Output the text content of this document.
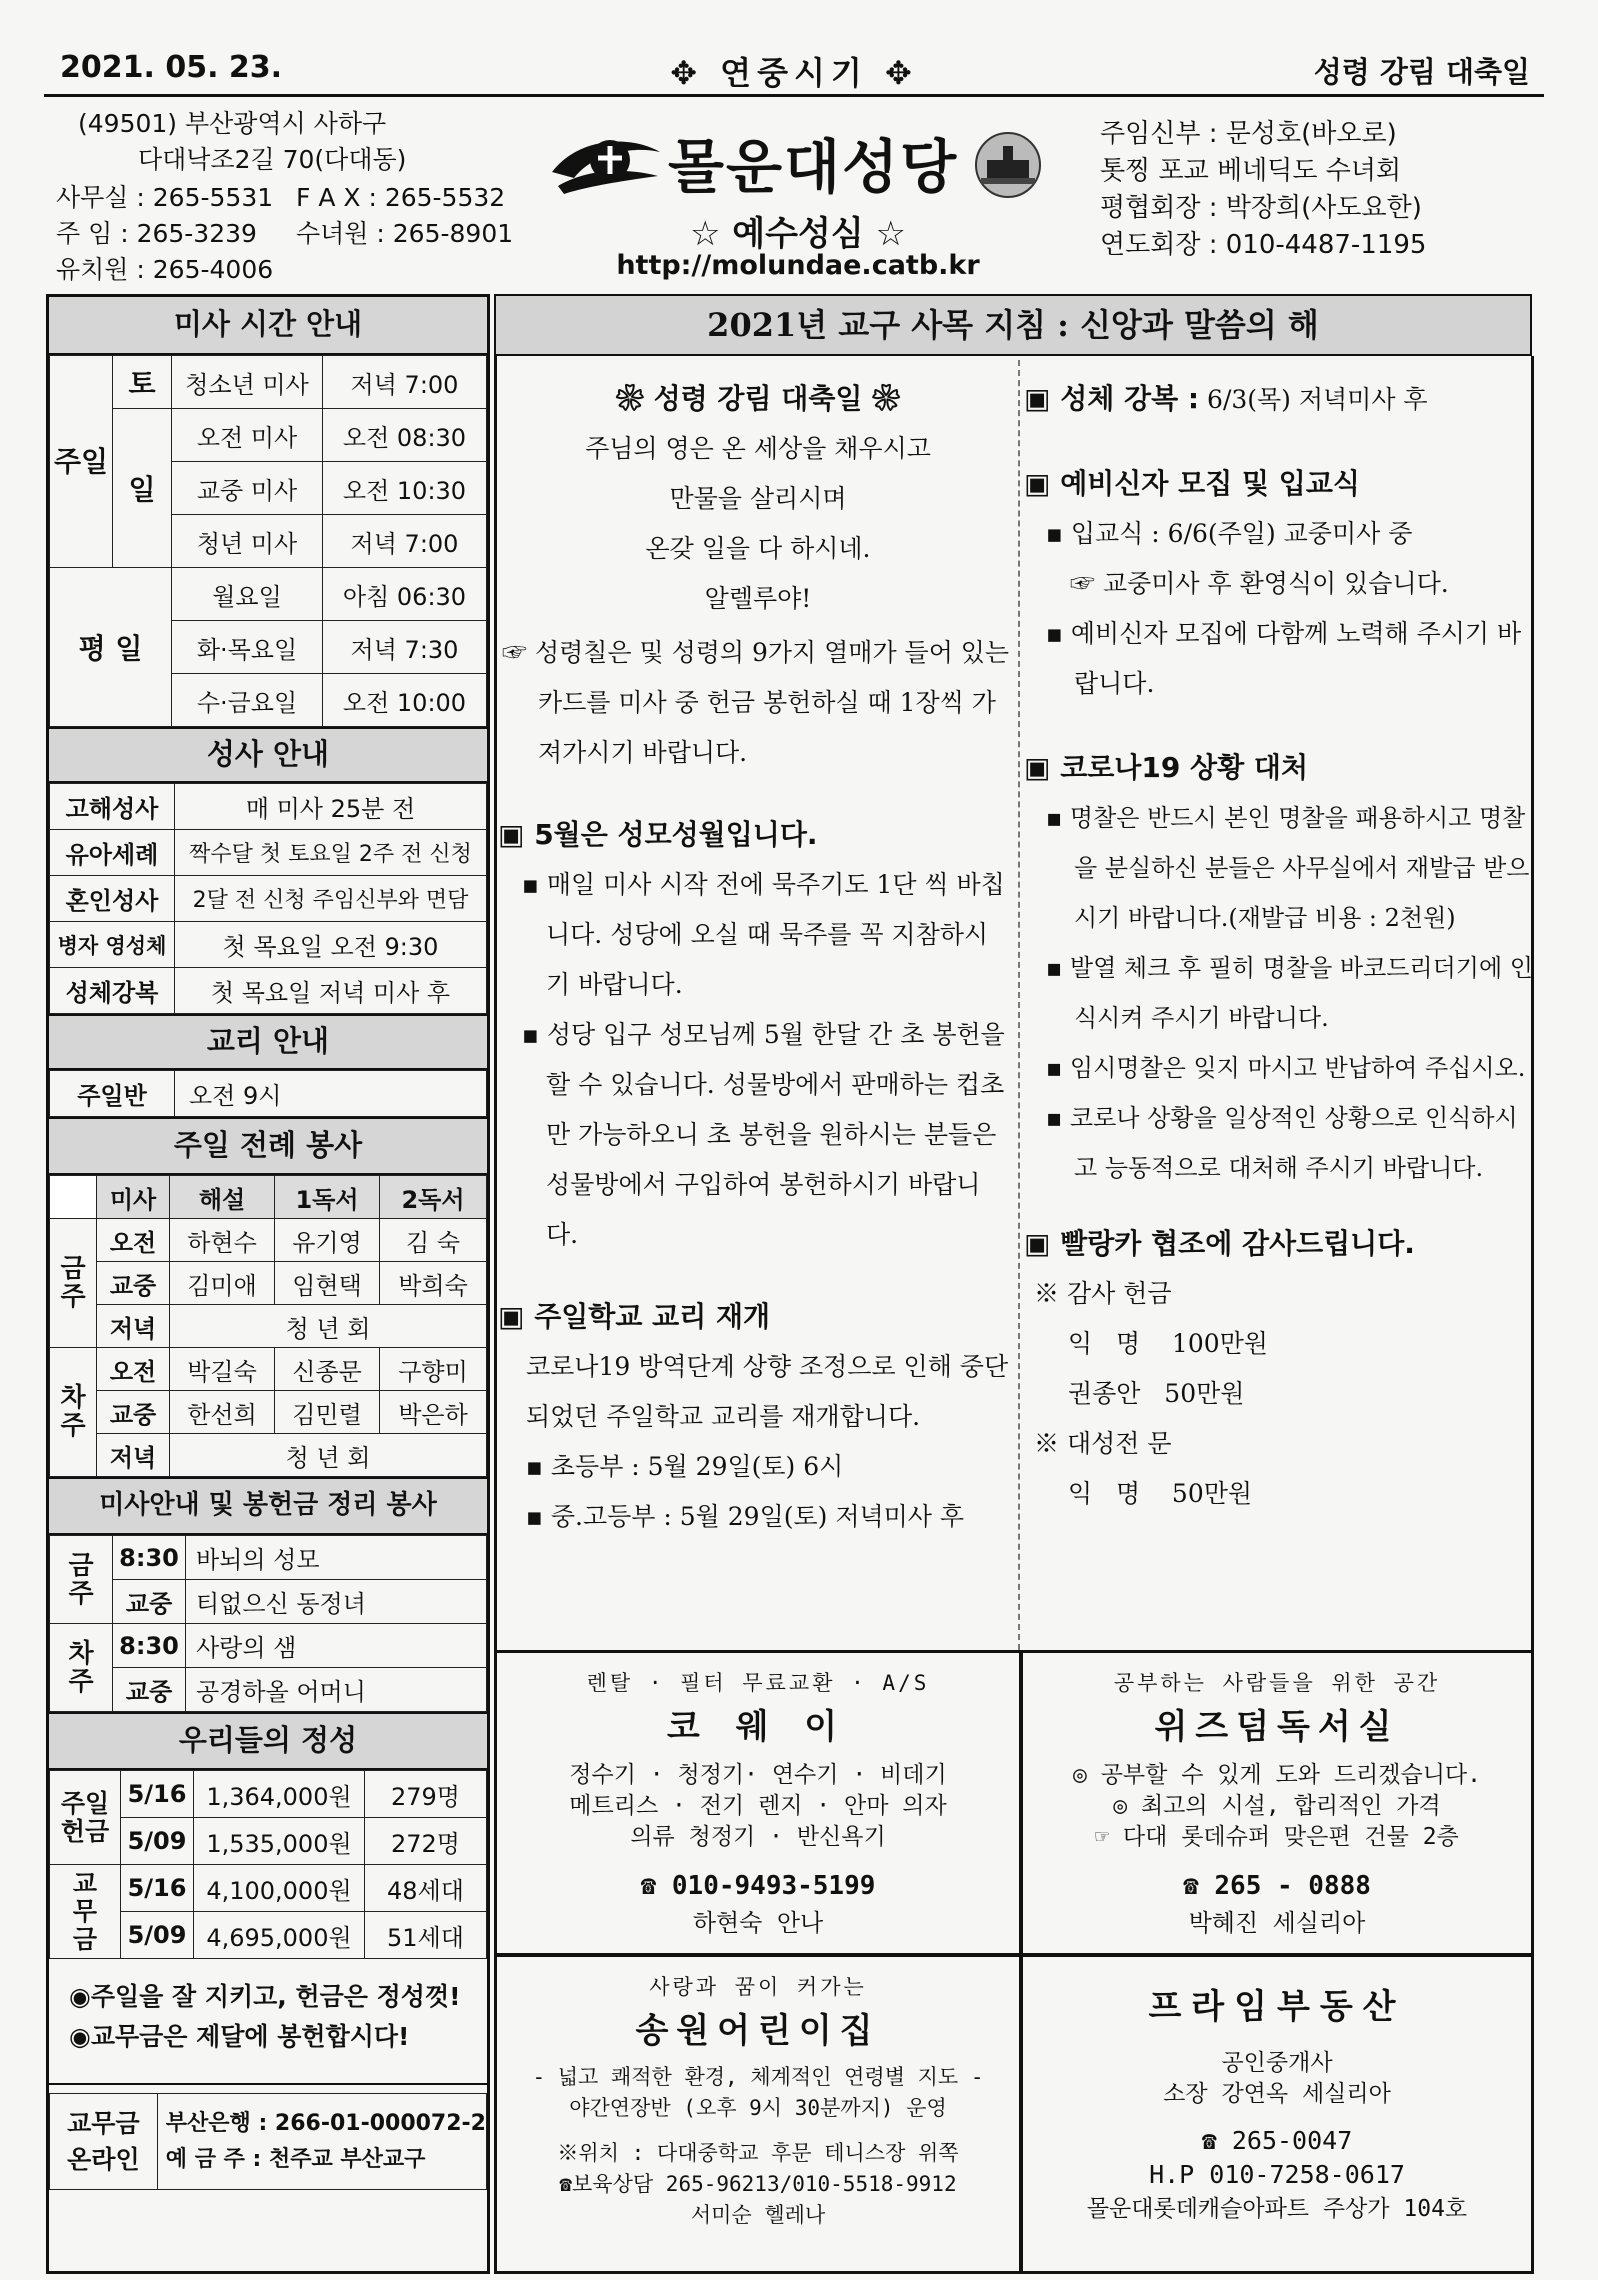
2021. 05. 23.	✥ 연중시기 ✥	성령 강림 대축일
(49501) 부산광역시 사하구
다대낙조2길 70(다대동)
사무실 : 265-5531 F A X : 265-5532
주 임 : 265-3239 수녀원 : 265-8901
유치원 : 265-4006
몰운대성당
☆ 예수성심 ☆
http://molundae.catb.kr
주임신부 : 문성호(바오로)
톳찡 포교 베네딕도 수녀회
평협회장 : 박장희(사도요한)
연도회장 : 010-4487-1195
미사 시간 안내
주일	토	청소년 미사	저녁 7:00
	일	오전 미사	오전 08:30
		교중 미사	오전 10:30
		청년 미사	저녁 7:00
평 일		월요일	아침 06:30
		화·목요일	저녁 7:30
		수·금요일	오전 10:00
성사 안내
고해성사	매 미사 25분 전
유아세례	짝수달 첫 토요일 2주 전 신청
혼인성사	2달 전 신청 주임신부와 면담
병자 영성체	첫 목요일 오전 9:30
성체강복	첫 목요일 저녁 미사 후
교리 안내
주일반	오전 9시
주일 전례 봉사
	미사	해설	1독서	2독서
금주	오전	하현수	유기영	김 숙
	교중	김미애	임현택	박희숙
	저녁	청 년 회		
차주	오전	박길숙	신종문	구향미
	교중	한선희	김민렬	박은하
	저녁	청 년 회		
미사안내 및 봉헌금 정리 봉사
금주	8:30	바뇌의 성모
	교중	티없으신 동정녀
차주	8:30	사랑의 샘
	교중	공경하올 어머니
우리들의 정성
주일헌금	5/16	1,364,000원	279명
	5/09	1,535,000원	272명
교무금	5/16	4,100,000원	48세대
	5/09	4,695,000원	51세대
◉주일을 잘 지키고, 헌금은 정성껏!
◉교무금은 제달에 봉헌합시다!
교무금 온라인	
부산은행 : 266-01-000072-2
예 금 주 : 천주교 부산교구
2021년 교구 사목 지침 : 신앙과 말씀의 해
❀ 성령 강림 대축일 ❀
주님의 영은 온 세상을 채우시고
만물을 살리시며
온갖 일을 다 하시네.
알렐루야!
☞ 성령칠은 및 성령의 9가지 열매가 들어 있는 카드를 미사 중 헌금 봉헌하실 때 1장씩 가져가시기 바랍니다.
▣ 5월은 성모성월입니다.
▪ 매일 미사 시작 전에 묵주기도 1단 씩 바칩니다. 성당에 오실 때 묵주를 꼭 지참하시기 바랍니다.
▪ 성당 입구 성모님께 5월 한달 간 초 봉헌을 할 수 있습니다. 성물방에서 판매하는 컵초만 가능하오니 초 봉헌을 원하시는 분들은 성물방에서 구입하여 봉헌하시기 바랍니다.
▣ 주일학교 교리 재개
코로나19 방역단계 상향 조정으로 인해 중단 되었던 주일학교 교리를 재개합니다.
▪ 초등부 : 5월 29일(토) 6시
▪ 중.고등부 : 5월 29일(토) 저녁미사 후
▣ 성체 강복 : 6/3(목) 저녁미사 후
▣ 예비신자 모집 및 입교식
▪ 입교식 : 6/6(주일) 교중미사 중
☞ 교중미사 후 환영식이 있습니다.
▪ 예비신자 모집에 다함께 노력해 주시기 바랍니다.
▣ 코로나19 상황 대처
▪ 명찰은 반드시 본인 명찰을 패용하시고 명찰을 분실하신 분들은 사무실에서 재발급 받으시기 바랍니다.(재발급 비용 : 2천원)
▪ 발열 체크 후 필히 명찰을 바코드리더기에 인식시켜 주시기 바랍니다.
▪ 임시명찰은 잊지 마시고 반납하여 주십시오.
▪ 코로나 상황을 일상적인 상황으로 인식하시고 능동적으로 대처해 주시기 바랍니다.
▣ 빨랑카 협조에 감사드립니다.
※ 감사 헌금
익   명    100만원
권종안   50만원
※ 대성전 문
익   명    50만원
렌탈 · 필터 무료교환 · A/S
코 웨 이
정수기 · 청정기· 연수기 · 비데기
메트리스 · 전기 렌지 · 안마 의자
의류 청정기 · 반신욕기
☎ 010-9493-5199
하현숙 안나
공부하는 사람들을 위한 공간
위즈덤독서실
◎ 공부할 수 있게 도와 드리겠습니다.
◎ 최고의 시설, 합리적인 가격
☞ 다대 롯데슈퍼 맞은편 건물 2층
☎ 265 - 0888
박혜진 세실리아
사랑과 꿈이 커가는
송원어린이집
- 넓고 쾌적한 환경, 체계적인 연령별 지도 -
야간연장반 (오후 9시 30분까지) 운영
※위치 : 다대중학교 후문 테니스장 위쪽
☎보육상담 265-96213/010-5518-9912
서미순 헬레나
프라임부동산
공인중개사
소장 강연옥 세실리아
☎ 265-0047
H.P 010-7258-0617
몰운대롯데캐슬아파트 주상가 104호
